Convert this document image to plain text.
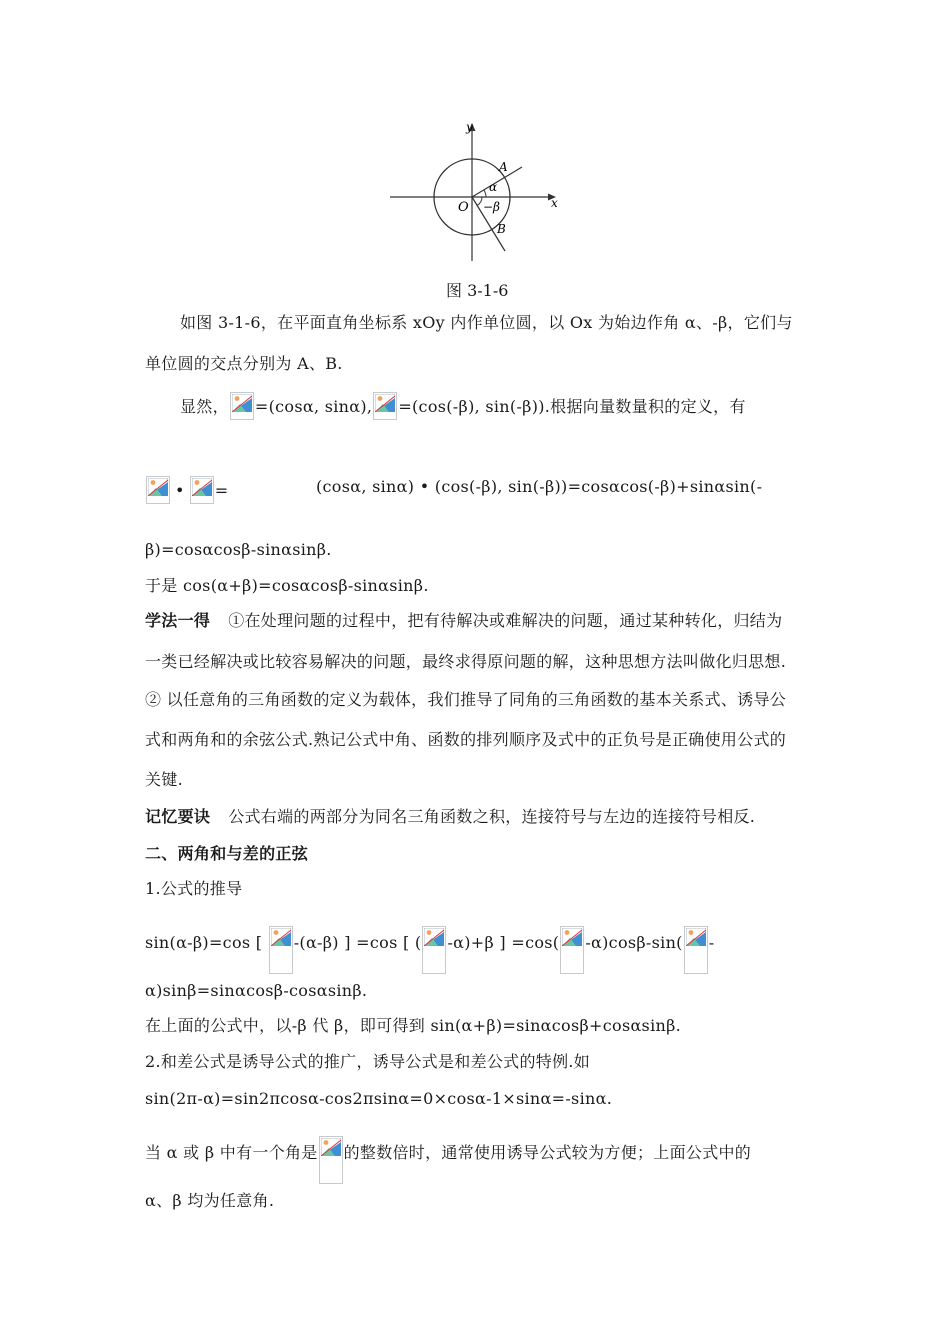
y
x
O
A
B
α
−β
图 3-1-6
如图 3-1-6，在平面直角坐标系 xOy 内作单位圆，以 Ox 为始边作角 α、-β，它们与
单位圆的交点分别为 A、B.
显然， =(cosα, sinα), =(cos(-β), sin(-β)).根据向量数量积的定义，有
• =	(cosα, sinα) • (cos(-β), sin(-β))=cosαcos(-β)+sinαsin(-
β)=cosαcosβ-sinαsinβ.
于是 cos(α+β)=cosαcosβ-sinαsinβ.
学法一得 ①在处理问题的过程中，把有待解决或难解决的问题，通过某种转化，归结为
一类已经解决或比较容易解决的问题，最终求得原问题的解，这种思想方法叫做化归思想.
② 以任意角的三角函数的定义为载体，我们推导了同角的三角函数的基本关系式、诱导公
式和两角和的余弦公式.熟记公式中角、函数的排列顺序及式中的正负号是正确使用公式的
关键.
记忆要诀 公式右端的两部分为同名三角函数之积，连接符号与左边的连接符号相反.
二、两角和与差的正弦
1.公式的推导
sin(α-β)=cos [
-(α-β) ] =cos [ ( -α)+β ] =cos( -α)cosβ-sin( -
α)sinβ=sinαcosβ-cosαsinβ.
在上面的公式中，以-β 代 β，即可得到 sin(α+β)=sinαcosβ+cosαsinβ.
2.和差公式是诱导公式的推广，诱导公式是和差公式的特例.如
sin(2π-α)=sin2πcosα-cos2πsinα=0×cosα-1×sinα=-sinα.
当 α 或 β 中有一个角是 的整数倍时，通常使用诱导公式较为方便；上面公式中的
α、β 均为任意角.
